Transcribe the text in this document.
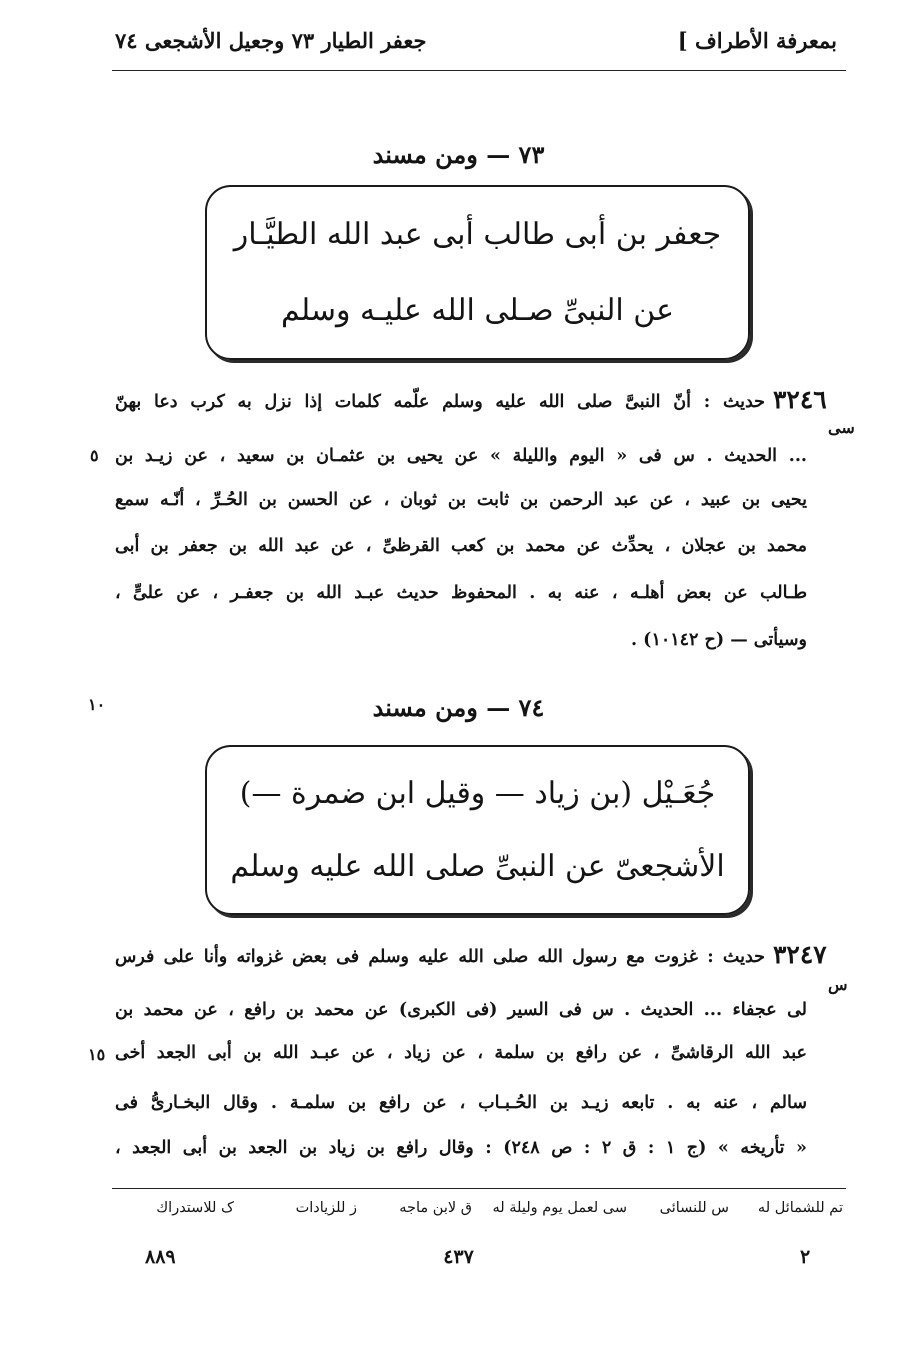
بمعرفة الأطراف ]
جعفر الطيار ٧٣ وجعيل الأشجعى ٧٤
٧٣ — ومن مسند
جعفر بن أبى طالب أبى عبد الله الطيَّـار
عن النبىِّ صـلى الله عليـه وسلم
٣٢٤٦
سى
حديث : أنّ النبىَّ صلى الله عليه وسلم علّمه كلمات إذا نزل به كرب دعا بهنّ
... الحديث . س فى « اليوم والليلة » عن يحيى بن عثمـان بن سعيد ، عن زيـد بن
يحيى بن عبيد ، عن عبد الرحمن بن ثابت بن ثوبان ، عن الحسن بن الحُـرِّ ، أنّـه سمع
محمد بن عجلان ، يحدِّث عن محمد بن كعب القرظىِّ ، عن عبد الله بن جعفر بن أبى
طـالب عن بعض أهلـه ، عنه به . المحفوظ حديث عبـد الله بن جعفـر ، عن علىٍّ ،
وسيأتى — (ح ١٠١٤٢) .
٥
٧٤ — ومن مسند
١٠
جُعَـيْل (بن زياد — وقيل ابن ضمرة —)
الأشجعىّ عن النبىِّ صلى الله عليه وسلم
٣٢٤٧
س
حديث : غزوت مع رسول الله صلى الله عليه وسلم فى بعض غزواته وأنا على فرس
لى عجفاء ... الحديث . س فى السير (فى الكبرى) عن محمد بن رافع ، عن محمد بن
عبد الله الرقاشىِّ ، عن رافع بن سلمة ، عن زياد ، عن عبـد الله بن أبى الجعد أخى
سالم ، عنه به . تابعه زيـد بن الحُـبـاب ، عن رافع بن سلمـة . وقال البخـارىُّ فى
« تأريخه » (ج ١ : ق ٢ : ص ٢٤٨) : وقال رافع بن زياد بن الجعد بن أبى الجعد ،
١٥
تم للشمائل له
س للنسائى
سى لعمل يوم وليلة له
ق لابن ماجه
ز للزيادات
ک للاستدراك
٢
٤٣٧
٨٨٩
